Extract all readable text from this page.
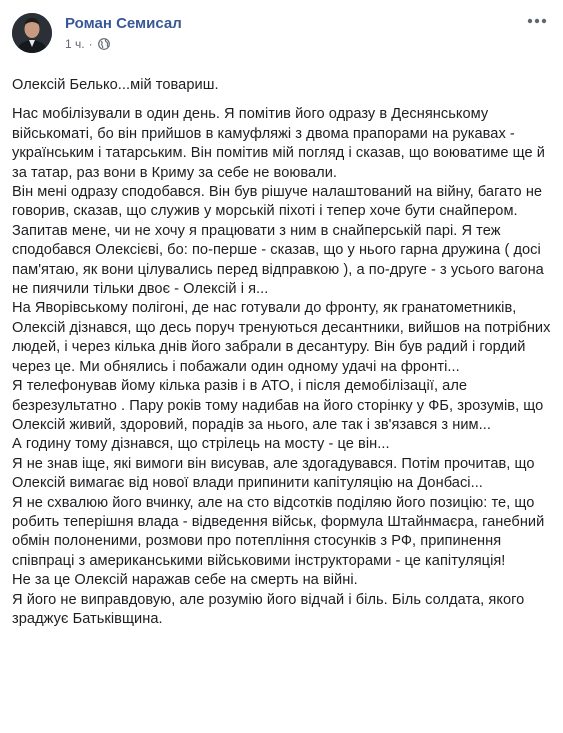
Роман Семисал
1 ч. ·

Олексій Белько...мій товариш.

Нас мобілізували в один день. Я помітив його одразу в Деснянському військоматі, бо він прийшов в камуфляжі з двома прапорами на рукавах - українським і татарським. Він помітив мій погляд і сказав, що воюватиме ще й за татар, раз вони в Криму за себе не воювали.

Він мені одразу сподобався. Він був рішуче налаштований на війну, багато не говорив, сказав, що служив у морській піхоті і тепер хоче бути снайпером. Запитав мене, чи не хочу я працювати з ним в снайперській парі. Я теж сподобався Олексієві, бо: по-перше - сказав, що у нього гарна дружина ( досі пам'ятаю, як вони цілувались перед відправкою ), а по-друге - з усього вагона не пиячили тільки двоє - Олексій і я...

На Яворівському полігоні, де нас готували до фронту, як гранатометників, Олексій дізнався, що десь поруч тренуються десантники, вийшов на потрібних людей, і через кілька днів його забрали в десантуру. Він був радий і гордий через це. Ми обнялись і побажали один одному удачі на фронті...

Я телефонував йому кілька разів і в АТО, і після демобілізації, але безрезультатно . Пару років тому надибав на його сторінку у ФБ, зрозумів, що Олексій живий, здоровий, порадів за нього, але так і зв'язався з ним...

А годину тому дізнався, що стрілець на мосту - це він...

Я не знав іще, які вимоги він висував, але здогадувався. Потім прочитав, що Олексій вимагає від нової влади припинити капітуляцію на Донбасі...

Я не схвалюю його вчинку, але на сто відсотків поділяю його позицію: те, що робить теперішня влада - відведення військ, формула Штайнмаєра, ганебний обмін полоненими, розмови про потепління стосунків з РФ, припинення співпраці з американськими військовими інструкторами - це капітуляція!

Не за це Олексій наражав себе на смерть на війні.

Я його не виправдовую, але розумію його відчай і біль. Біль солдата, якого зраджує Батьківщина.
